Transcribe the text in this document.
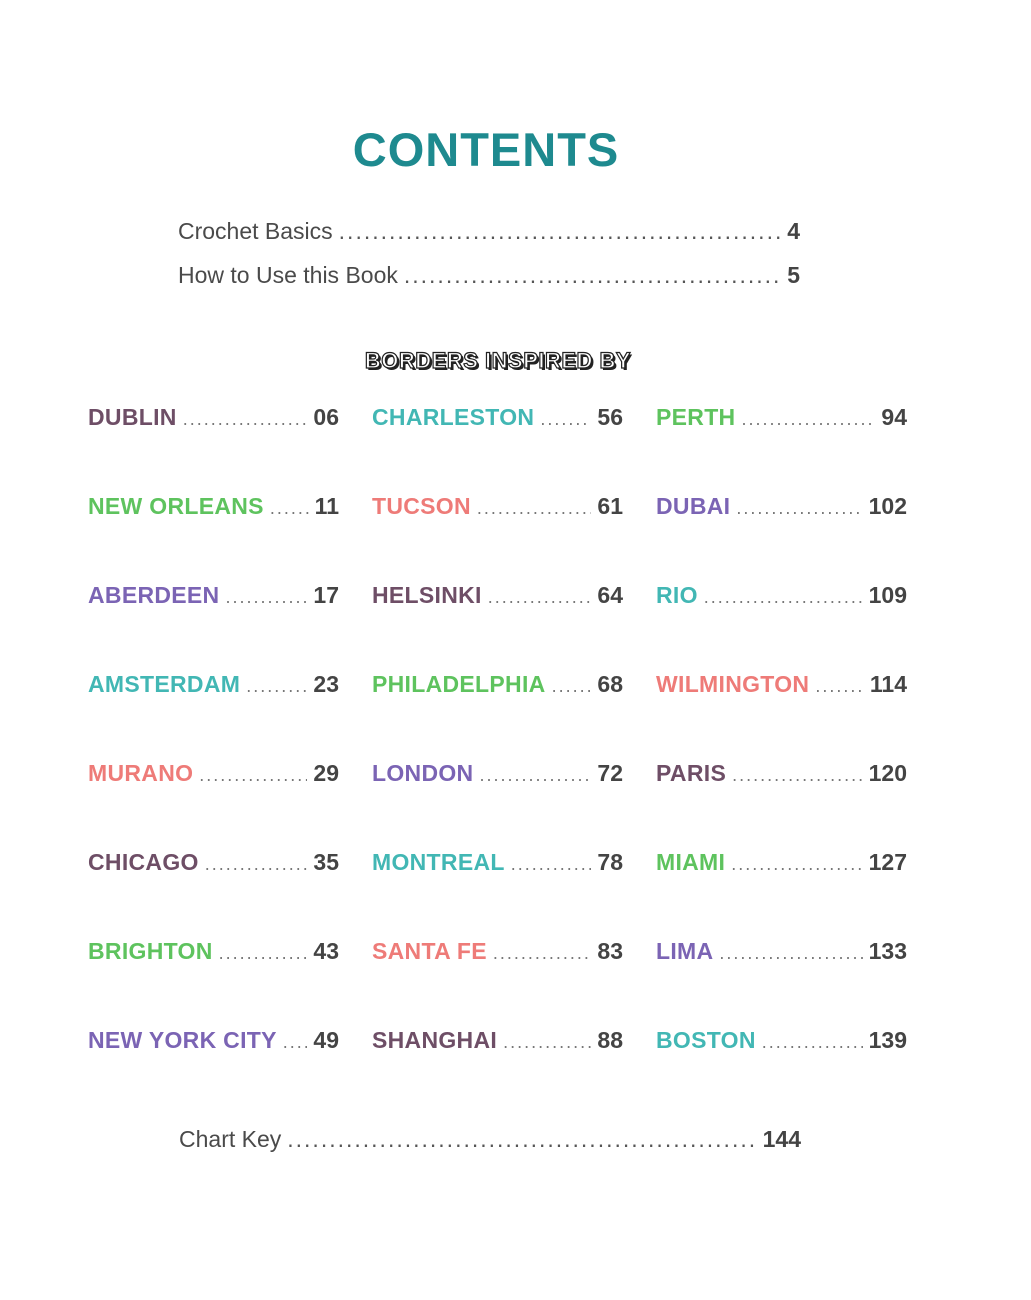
CONTENTS
Crochet Basics .....	4
How to Use this Book .....	5
BORDERS INSPIRED BY
DUBLIN .....	06 CHARLESTON .....	56 PERTH .....	94
NEW ORLEANS ..... 11 TUCSON .....	61 DUBAI .....	102
ABERDEEN .....	17 HELSINKI .....	64 RIO .....	109
AMSTERDAM .....	23 PHILADELPHIA ..... 68 WILMINGTON .....	114
MURANO .....	29 LONDON .....	72 PARIS .....	120
CHICAGO .....	35 MONTREAL .....	78 MIAMI .....	127
BRIGHTON .....	43 SANTA FE .....	83 LIMA .....	133
NEW YORK CITY ..... 49 SHANGHAI .....	88 BOSTON .....	139
Chart Key .....	144
